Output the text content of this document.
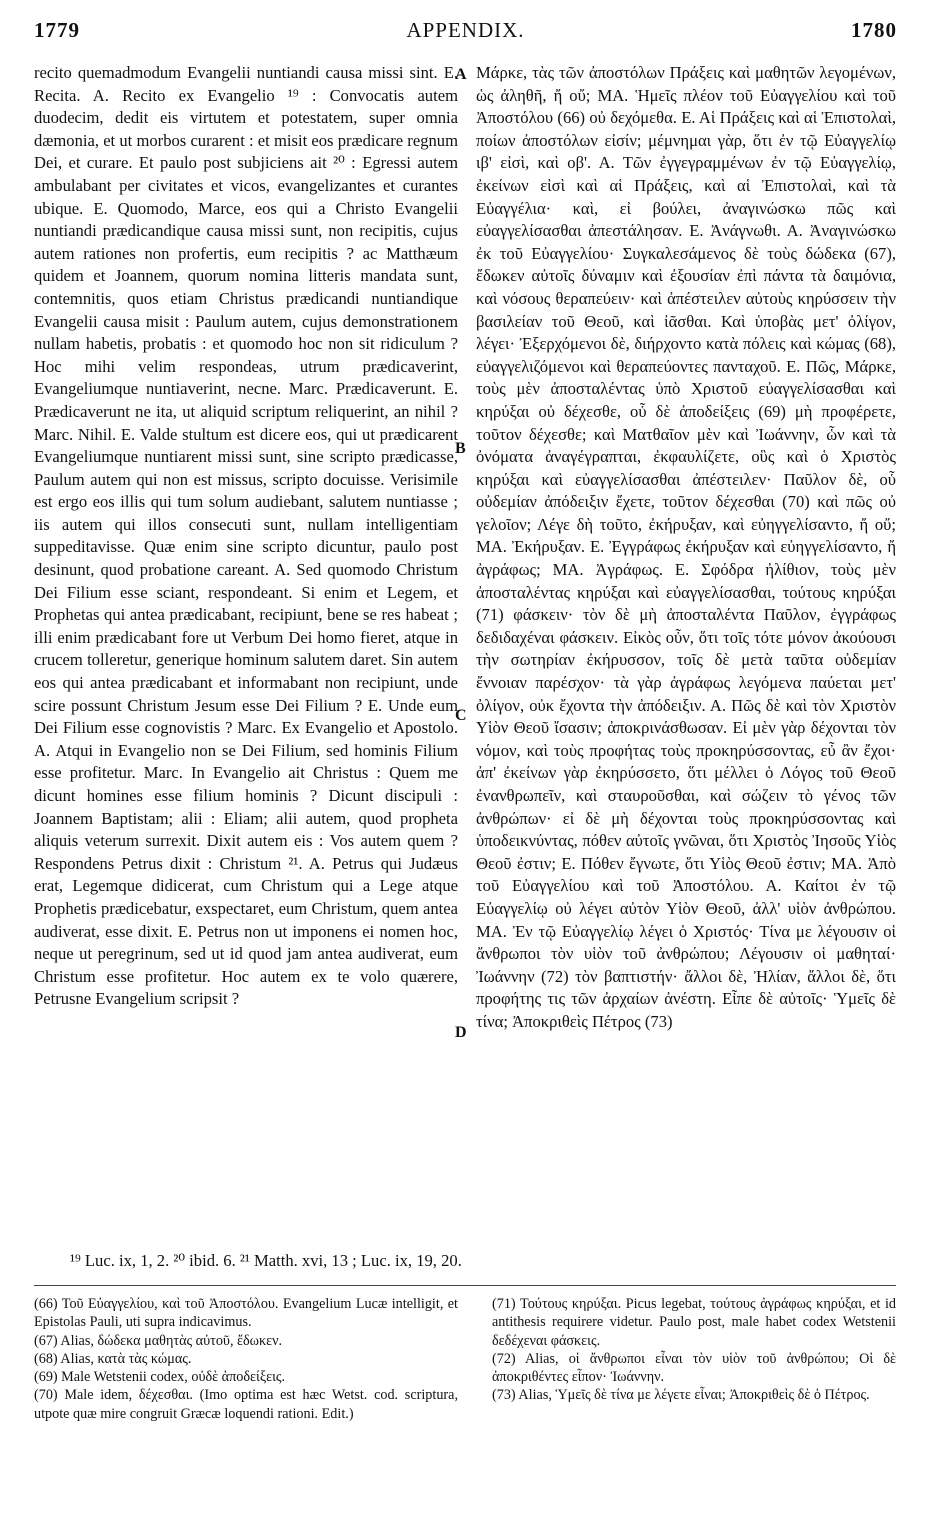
1779	APPENDIX.	1780

recito quemadmodum Evangelii nuntiandi causa missi sint. E. Recita. A. Recito ex Evangelio ¹⁹ : Convocatis autem duodecim, dedit eis virtutem et potestatem, super omnia dæmonia, et ut morbos curarent : et misit eos prædicare regnum Dei, et curare. Et paulo post subjiciens ait ²⁰ : Egressi autem ambulabant per civitates et vicos, evangelizantes et curantes ubique. E. Quomodo, Marce, eos qui a Christo Evangelii nuntiandi prædicandique causa missi sunt, non recipitis, cujus autem rationes non profertis, eum recipitis ? ac Matthæum quidem et Joannem, quorum nomina litteris mandata sunt, contemnitis, quos etiam Christus prædicandi nuntiandique Evangelii causa misit : Paulum autem, cujus demonstrationem nullam habetis, probatis : et quomodo hoc non sit ridiculum ? Hoc mihi velim respondeas, utrum prædicaverint, Evangeliumque nuntiaverint, necne. Marc. Prædicaverunt. E. Prædicaverunt ne ita, ut aliquid scriptum reliquerint, an nihil ? Marc. Nihil. E. Valde stultum est dicere eos, qui ut prædicarent Evangeliumque nuntiarent missi sunt, sine scripto prædicasse, Paulum autem qui non est missus, scripto docuisse. Verisimile est ergo eos illis qui tum solum audiebant, salutem nuntiasse ; iis autem qui illos consecuti sunt, nullam intelligentiam suppeditavisse. Quæ enim sine scripto dicuntur, paulo post desinunt, quod probatione careant. A. Sed quomodo Christum Dei Filium esse sciant, respondeant. Si enim et Legem, et Prophetas qui antea prædicabant, recipiunt, bene se res habeat ; illi enim prædicabant fore ut Verbum Dei homo fieret, atque in crucem tolleretur, generique hominum salutem daret. Sin autem eos qui antea prædicabant et informabant non recipiunt, unde scire possunt Christum Jesum esse Dei Filium ? E. Unde eum Dei Filium esse cognovistis ? Marc. Ex Evangelio et Apostolo. A. Atqui in Evangelio non se Dei Filium, sed hominis Filium esse profitetur. Marc. In Evangelio ait Christus : Quem me dicunt homines esse filium hominis ? Dicunt discipuli : Joannem Baptistam; alii : Eliam; alii autem, quod propheta aliquis veterum surrexit. Dixit autem eis : Vos autem quem ? Respondens Petrus dixit : Christum ²¹. A. Petrus qui Judæus erat, Legemque didicerat, cum Christum qui a Lege atque Prophetis prædicebatur, exspectaret, eum Christum, quem antea audiverat, esse dixit. E. Petrus non ut imponens ei nomen hoc, neque ut peregrinum, sed ut id quod jam antea audiverat, eum Christum esse profitetur. Hoc autem ex te volo quærere, Petrusne Evangelium scripsit ?

A
B
C
D

Μάρκε, τὰς τῶν ἀποστόλων Πράξεις καὶ μαθητῶν λεγομένων, ὡς ἀληθῆ, ἤ οὔ; ΜΑ. Ἡμεῖς πλέον τοῦ Εὐαγγελίου καὶ τοῦ Ἀποστόλου (66) οὐ δεχόμεθα. Ε. Αἱ Πράξεις καὶ αἱ Ἐπιστολαὶ, ποίων ἀποστόλων εἰσίν; μέμνημαι γὰρ, ὅτι ἐν τῷ Εὐαγγελίῳ ιβ' εἰσὶ, καὶ οβ'. Α. Τῶν ἐγγεγραμμένων ἐν τῷ Εὐαγγελίῳ, ἐκείνων εἰσὶ καὶ αἱ Πράξεις, καὶ αἱ Ἐπιστολαὶ, καὶ τὰ Εὐαγγέλια· καὶ, εἰ βούλει, ἀναγινώσκω πῶς καὶ εὐαγγελίσασθαι ἀπεστάλησαν. Ε. Ἀνάγνωθι. Α. Ἀναγινώσκω ἐκ τοῦ Εὐαγγελίου· Συγκαλεσάμενος δὲ τοὺς δώδεκα (67), ἔδωκεν αὐτοῖς δύναμιν καὶ ἐξουσίαν ἐπὶ πάντα τὰ δαιμόνια, καὶ νόσους θεραπεύειν· καὶ ἀπέστειλεν αὐτοὺς κηρύσσειν τὴν βασιλείαν τοῦ Θεοῦ, καὶ ἰᾶσθαι. Καὶ ὑποβὰς μετ' ὀλίγον, λέγει· Ἐξερχόμενοι δὲ, διήρχοντο κατὰ πόλεις καὶ κώμας (68), εὐαγγελιζόμενοι καὶ θεραπεύοντες πανταχοῦ. Ε. Πῶς, Μάρκε, τοὺς μὲν ἀποσταλέντας ὑπὸ Χριστοῦ εὐαγγελίσασθαι καὶ κηρύξαι οὐ δέχεσθε, οὗ δὲ ἀποδείξεις (69) μὴ προφέρετε, τοῦτον δέχεσθε; καὶ Ματθαῖον μὲν καὶ Ἰωάννην, ὧν καὶ τὰ ὀνόματα ἀναγέγραπται, ἐκφαυλίζετε, οὓς καὶ ὁ Χριστὸς κηρύξαι καὶ εὐαγγελίσασθαι ἀπέστειλεν· Παῦλον δὲ, οὗ οὐδεμίαν ἀπόδειξιν ἔχετε, τοῦτον δέχεσθαι (70) καὶ πῶς οὐ γελοῖον; Λέγε δὴ τοῦτο, ἐκήρυξαν, καὶ εὐηγγελίσαντο, ἤ οὔ; ΜΑ. Ἐκήρυξαν. Ε. Ἐγγράφως ἐκήρυξαν καὶ εὐηγγελίσαντο, ἤ ἀγράφως; ΜΑ. Ἀγράφως. Ε. Σφόδρα ἠλίθιον, τοὺς μὲν ἀποσταλέντας κηρύξαι καὶ εὐαγγελίσασθαι, τούτους κηρύξαι (71) φάσκειν· τὸν δὲ μὴ ἀποσταλέντα Παῦλον, ἐγγράφως δεδιδαχέναι φάσκειν. Εἰκὸς οὖν, ὅτι τοῖς τότε μόνον ἀκούουσι τὴν σωτηρίαν ἐκήρυσσον, τοῖς δὲ μετὰ ταῦτα οὐδεμίαν ἔννοιαν παρέσχον· τὰ γὰρ ἀγράφως λεγόμενα παύεται μετ' ὀλίγον, οὐκ ἔχοντα τὴν ἀπόδειξιν. Α. Πῶς δὲ καὶ τὸν Χριστὸν Υἱὸν Θεοῦ ἴσασιν; ἀποκρινάσθωσαν. Εἰ μὲν γὰρ δέχονται τὸν νόμον, καὶ τοὺς προφήτας τοὺς προκηρύσσοντας, εὖ ἂν ἔχοι· ἀπ' ἐκείνων γὰρ ἐκηρύσσετο, ὅτι μέλλει ὁ Λόγος τοῦ Θεοῦ ἐνανθρωπεῖν, καὶ σταυροῦσθαι, καὶ σώζειν τὸ γένος τῶν ἀνθρώπων· εἰ δὲ μὴ δέχονται τοὺς προκηρύσσοντας καὶ ὑποδεικνύντας, πόθεν αὐτοῖς γνῶναι, ὅτι Χριστὸς Ἰησοῦς Υἱὸς Θεοῦ ἐστιν; Ε. Πόθεν ἔγνωτε, ὅτι Υἱὸς Θεοῦ ἐστιν; ΜΑ. Ἀπὸ τοῦ Εὐαγγελίου καὶ τοῦ Ἀποστόλου. Α. Καίτοι ἐν τῷ Εὐαγγελίῳ οὐ λέγει αὐτὸν Υἱὸν Θεοῦ, ἀλλ' υἱὸν ἀνθρώπου. ΜΑ. Ἐν τῷ Εὐαγγελίῳ λέγει ὁ Χριστός· Τίνα με λέγουσιν οἱ ἄνθρωποι τὸν υἱὸν τοῦ ἀνθρώπου; Λέγουσιν οἱ μαθηταί· Ἰωάννην (72) τὸν βαπτιστήν· ἄλλοι δὲ, Ἠλίαν, ἄλλοι δὲ, ὅτι προφήτης τις τῶν ἀρχαίων ἀνέστη. Εἶπε δὲ αὐτοῖς· Ὑμεῖς δὲ τίνα; Ἀποκριθεὶς Πέτρος (73)

¹⁹ Luc. ix, 1, 2. ²⁰ ibid. 6. ²¹ Matth. xvi, 13 ; Luc. ix, 19, 20.

(66) Τοῦ Εὐαγγελίου, καὶ τοῦ Ἀποστόλου. Evangelium Lucæ intelligit, et Epistolas Pauli, uti supra indicavimus.

(67) Alias, δώδεκα μαθητὰς αὐτοῦ, ἔδωκεν.

(68) Alias, κατὰ τὰς κώμας.

(69) Male Wetstenii codex, οὐδὲ ἀποδείξεις.

(70) Male idem, δέχεσθαι. (Imo optima est hæc Wetst. cod. scriptura, utpote quæ mire congruit Græcæ loquendi rationi. Edit.)

(71) Τούτους κηρύξαι. Picus legebat, τούτους ἀγράφως κηρύξαι, et id antithesis requirere videtur. Paulo post, male habet codex Wetstenii δεδέχεναι φάσκεις.

(72) Alias, οἱ ἄνθρωποι εἶναι τὸν υἱὸν τοῦ ἀνθρώπου; Οἱ δὲ ἀποκριθέντες εἶπον· Ἰωάννην.

(73) Alias, Ὑμεῖς δὲ τίνα με λέγετε εἶναι; Ἀποκριθεὶς δὲ ὁ Πέτρος.
